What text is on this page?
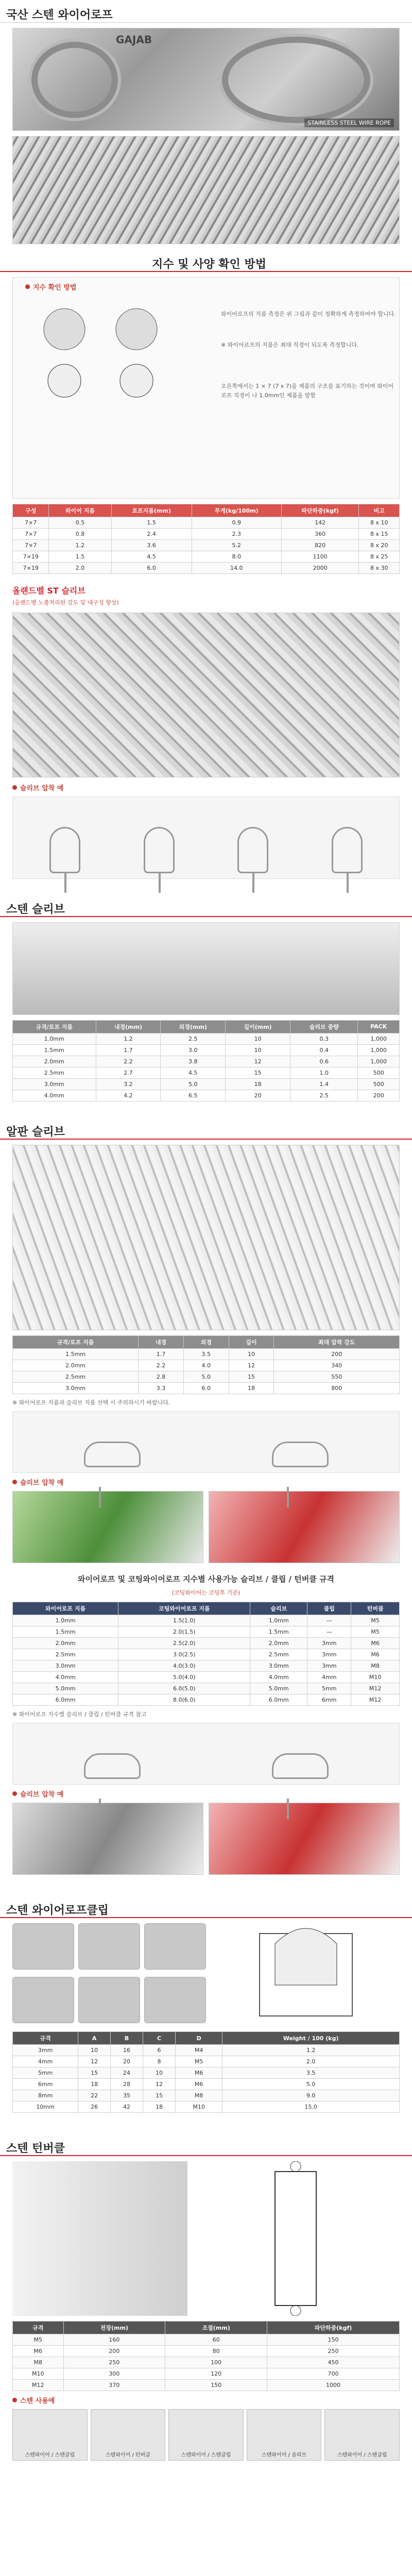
국산 스텐 와이어로프
GAJAB
STAINLESS STEEL WIRE ROPE
지수 및 사양 확인 방법
지수 확인 방법
와이어로프의 지름 측정은 위 그림과 같이 정확하게 측정하여야 합니다.
※ 와이어로프의 지름은 최대 직경이 되도록 측정합니다.
오른쪽에서는 1 × 7 (7 x 7)을 제품의 구조를 표기하는 것이며 와이어로프 직경이 나 1.0mm인 제품을 말함
구성	와이어 지름	로프지름(mm)	무게(kg/100m)	파단하중(kgf)	비고
7×7	0.5	1.5	0.9	142	8 x 10
7×7	0.8	2.4	2.3	360	8 x 15
7×7	1.2	3.6	5.2	820	8 x 20
7×19	1.5	4.5	8.0	1100	8 x 25
7×19	2.0	6.0	14.0	2000	8 x 30
올랜드벨 ST 슬리브
(올랜드벨 노출처리된 강도 및 내구성 향상)
슬리브 압착 예
스텐 슬리브
규격/로프 지름	내경(mm)	외경(mm)	길이(mm)	슬리브 중량	PACK
1.0mm	1.2	2.5	10	0.3	1,000
1.5mm	1.7	3.0	10	0.4	1,000
2.0mm	2.2	3.8	12	0.6	1,000
2.5mm	2.7	4.5	15	1.0	500
3.0mm	3.2	5.0	18	1.4	500
4.0mm	4.2	6.5	20	2.5	200
알판 슬리브
규격/로프 지름	내경	외경	길이	최대 압착 강도
1.5mm	1.7	3.5	10	200
2.0mm	2.2	4.0	12	340
2.5mm	2.8	5.0	15	550
3.0mm	3.3	6.0	18	800
※ 와이어로프 지름과 슬리브 지름 선택 시 주의하시기 바랍니다.
슬리브 압착 예
와이어로프 및 코팅와이어로프 지수별 사용가능 슬리브 / 클립 / 턴버클 규격
(코팅와이어는 코팅후 기준)
와이어로프 지름	코팅와이어로프 지름	슬리브	클립	턴버클
1.0mm	1.5(1.0)	1.0mm	—	M5
1.5mm	2.0(1.5)	1.5mm	—	M5
2.0mm	2.5(2.0)	2.0mm	3mm	M6
2.5mm	3.0(2.5)	2.5mm	3mm	M6
3.0mm	4.0(3.0)	3.0mm	3mm	M8
4.0mm	5.0(4.0)	4.0mm	4mm	M10
5.0mm	6.0(5.0)	5.0mm	5mm	M12
6.0mm	8.0(6.0)	6.0mm	6mm	M12
※ 와이어로프 지수별 슬리브 / 클립 / 턴버클 규격 참고
슬리브 압착 예
스텐 와이어로프클립
규격	A	B	C	D	Weight / 100 (kg)
3mm	10	16	6	M4	1.2
4mm	12	20	8	M5	2.0
5mm	15	24	10	M6	3.5
6mm	18	28	12	M6	5.0
8mm	22	35	15	M8	9.0
10mm	26	42	18	M10	15.0
스텐 턴버클
규격	전장(mm)	조절(mm)	파단하중(kgf)
M5	160	60	150
M6	200	80	250
M8	250	100	450
M10	300	120	700
M12	370	150	1000
스텐 사용예
스텐와이어 / 스텐클립	스텐와이어 / 턴버클	스텐와이어 / 스텐클립	스텐와이어 / 슬리브	스텐와이어 / 스텐클립
